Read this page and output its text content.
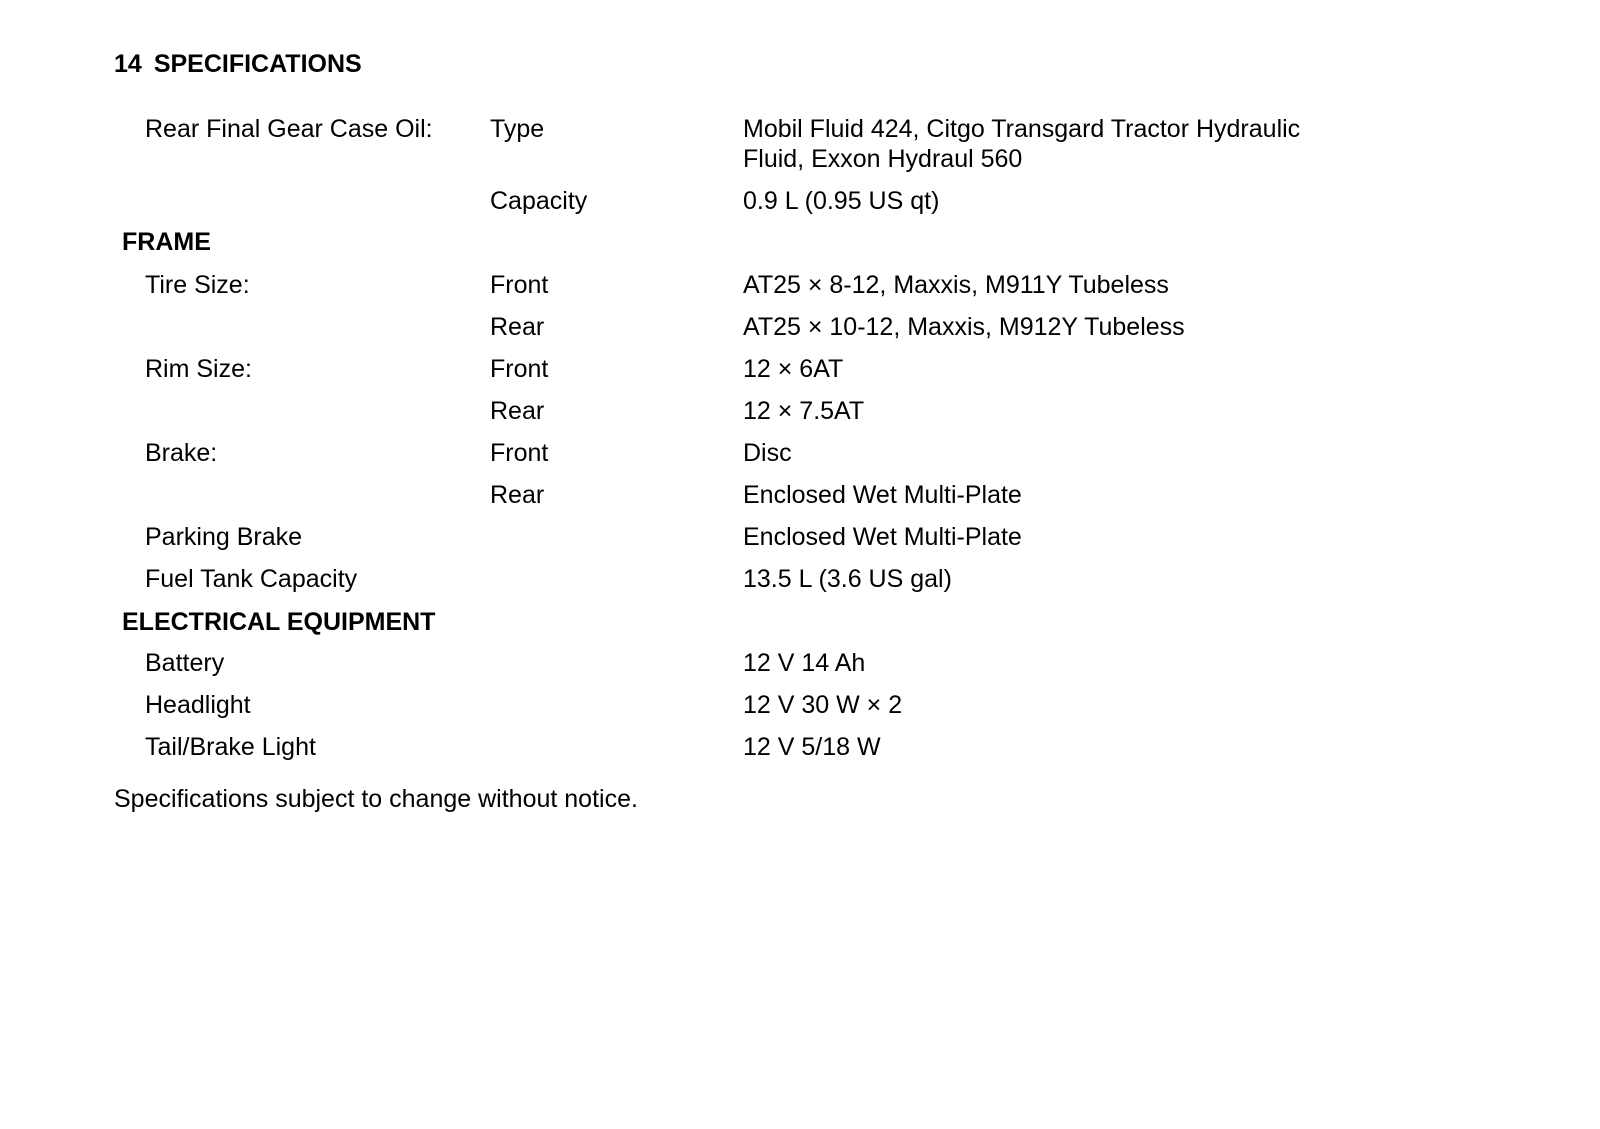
14 SPECIFICATIONS
Rear Final Gear Case Oil: Type	Mobil Fluid 424, Citgo Transgard Tractor Hydraulic
Fluid, Exxon Hydraul 560
Capacity	0.9 L (0.95 US qt)
FRAME
Tire Size:	Front	AT25 × 8-12, Maxxis, M911Y Tubeless
Rear	AT25 × 10-12, Maxxis, M912Y Tubeless
Rim Size:	Front	12 × 6AT
Rear	12 × 7.5AT
Brake:	Front	Disc
Rear	Enclosed Wet Multi-Plate
Parking Brake	Enclosed Wet Multi-Plate
Fuel Tank Capacity	13.5 L (3.6 US gal)
ELECTRICAL EQUIPMENT
Battery	12 V 14 Ah
Headlight	12 V 30 W × 2
Tail/Brake Light	12 V 5/18 W
Specifications subject to change without notice.
